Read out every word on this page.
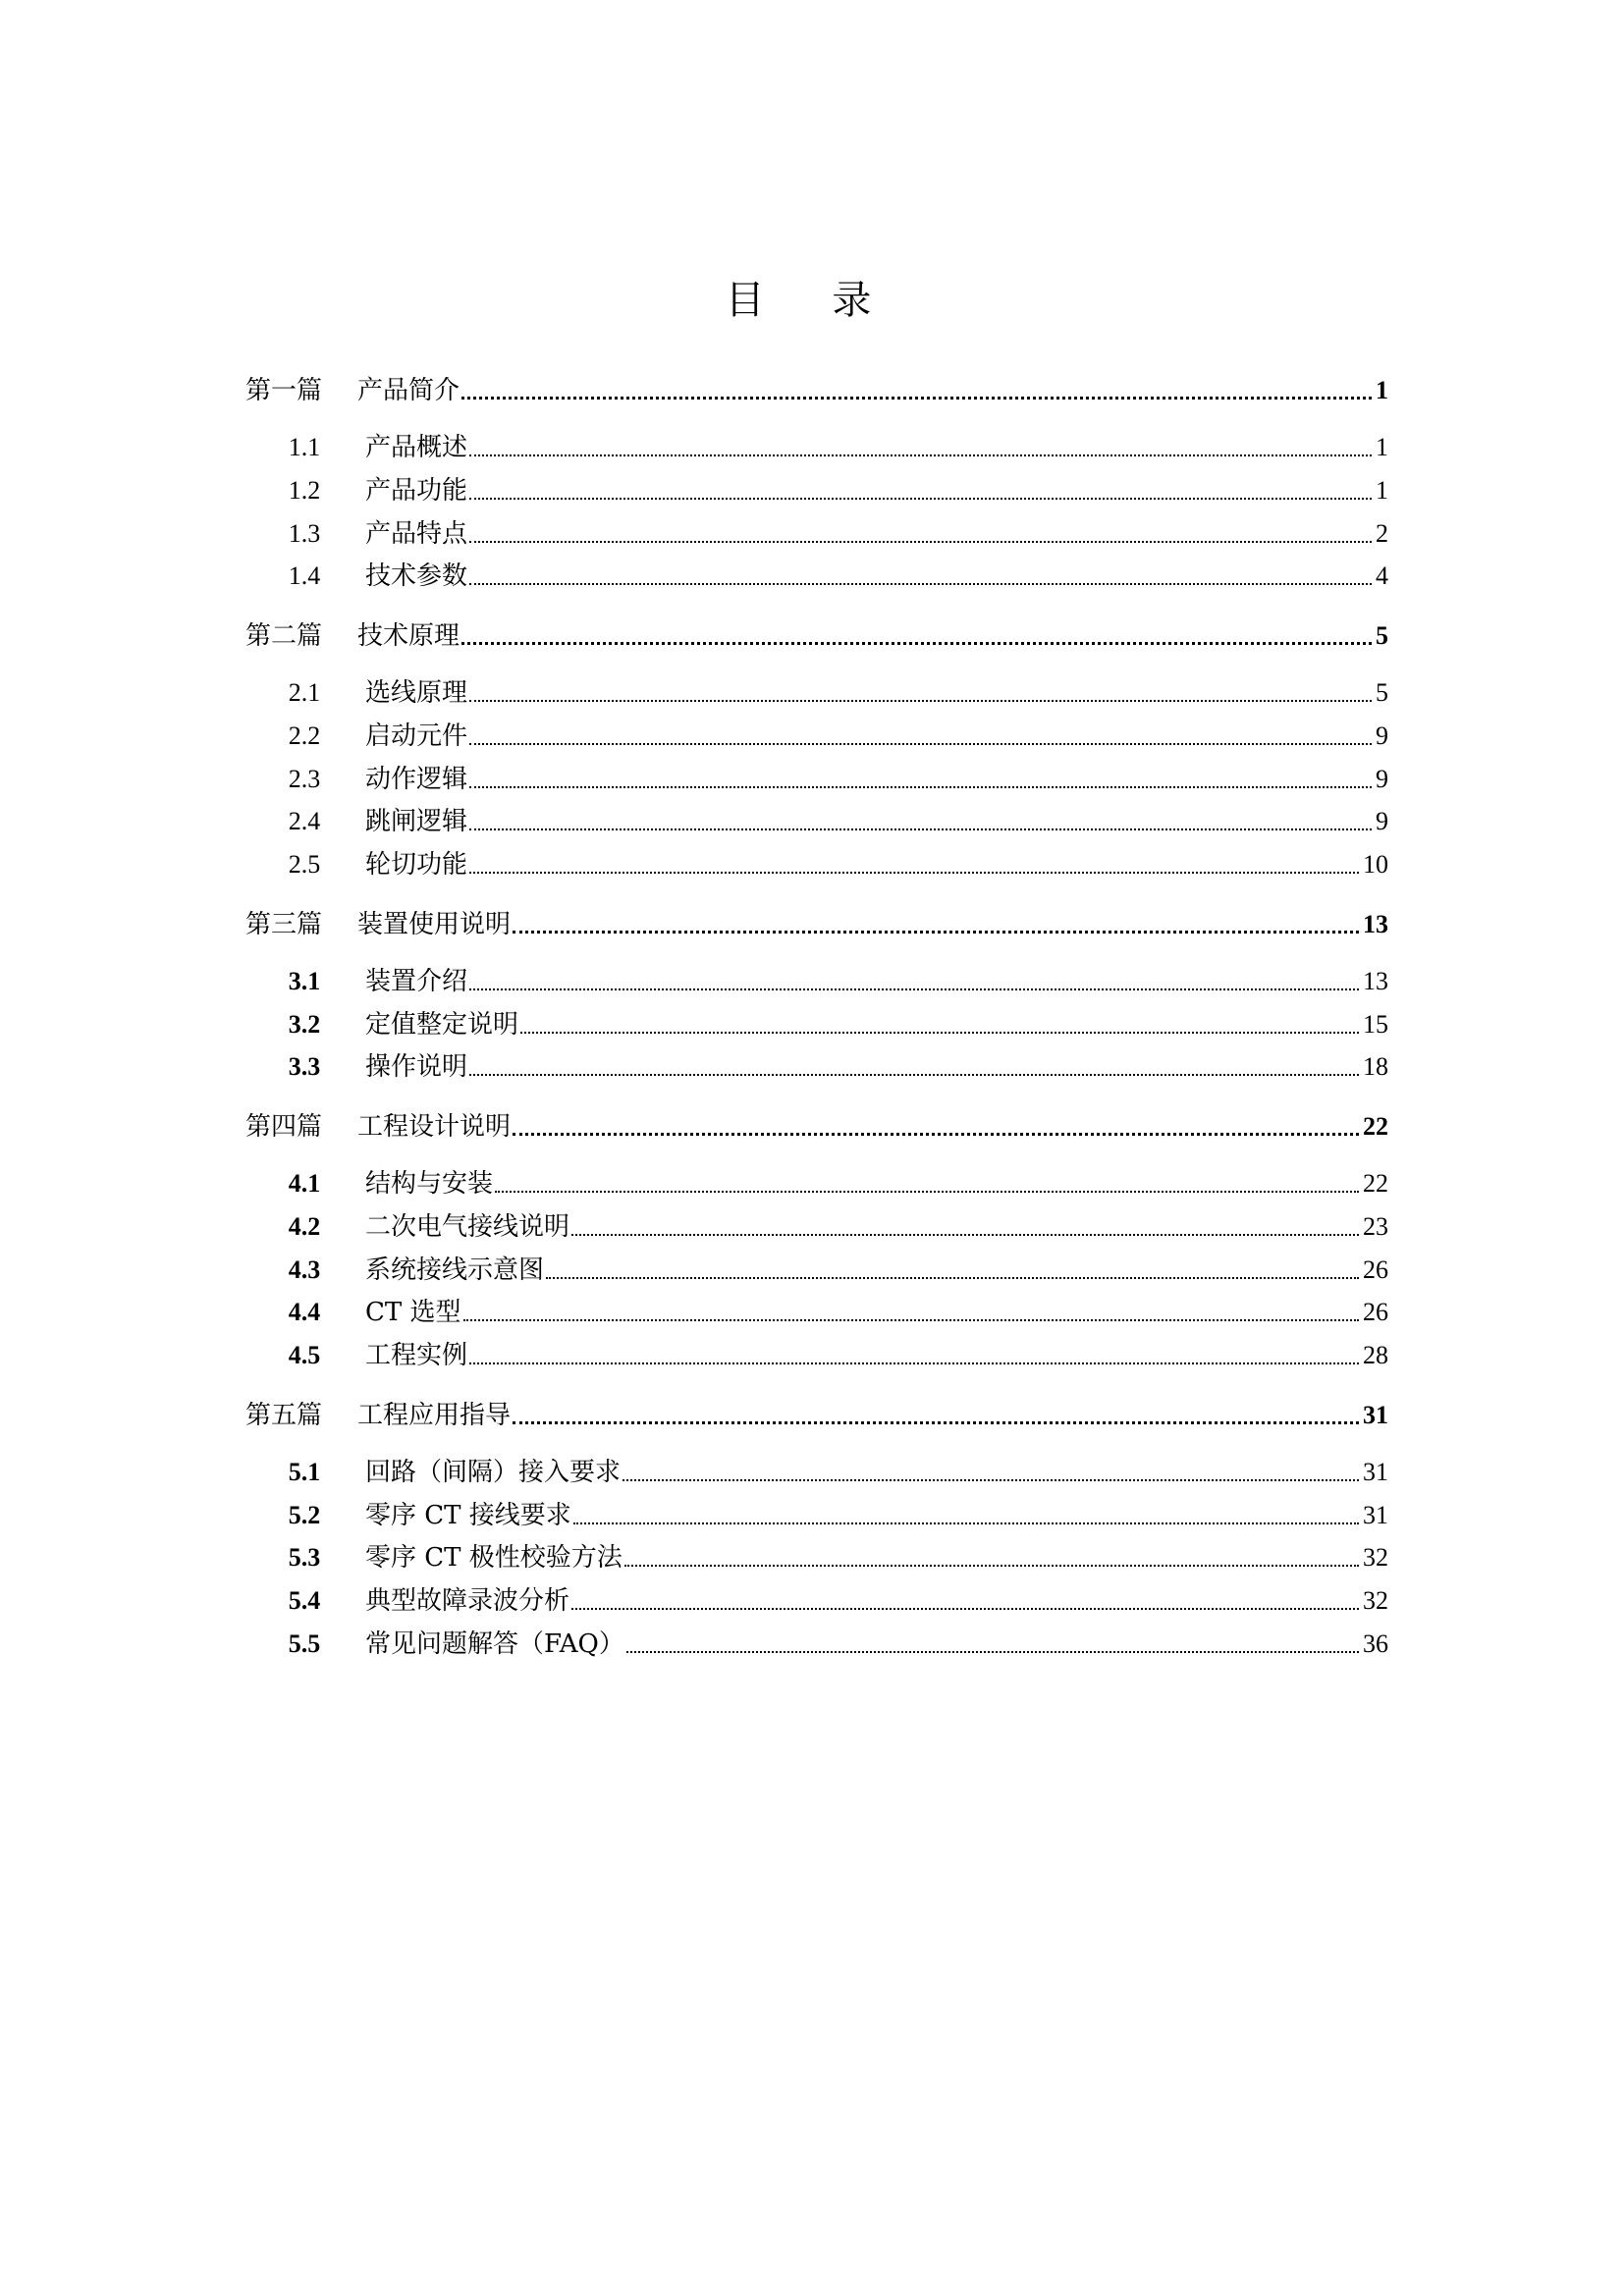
目 录
第一篇	产品简介	1
1.1	产品概述	1
1.2	产品功能	1
1.3	产品特点	2
1.4	技术参数	4
第二篇	技术原理	5
2.1	选线原理	5
2.2	启动元件	9
2.3	动作逻辑	9
2.4	跳闸逻辑	9
2.5	轮切功能	10
第三篇	装置使用说明	13
3.1	装置介绍	13
3.2	定值整定说明	15
3.3	操作说明	18
第四篇	工程设计说明	22
4.1	结构与安装	22
4.2	二次电气接线说明	23
4.3	系统接线示意图	26
4.4	CT 选型	26
4.5	工程实例	28
第五篇	工程应用指导	31
5.1	回路（间隔）接入要求	31
5.2	零序 CT 接线要求	31
5.3	零序 CT 极性校验方法	32
5.4	典型故障录波分析	32
5.5	常见问题解答（FAQ）	36
